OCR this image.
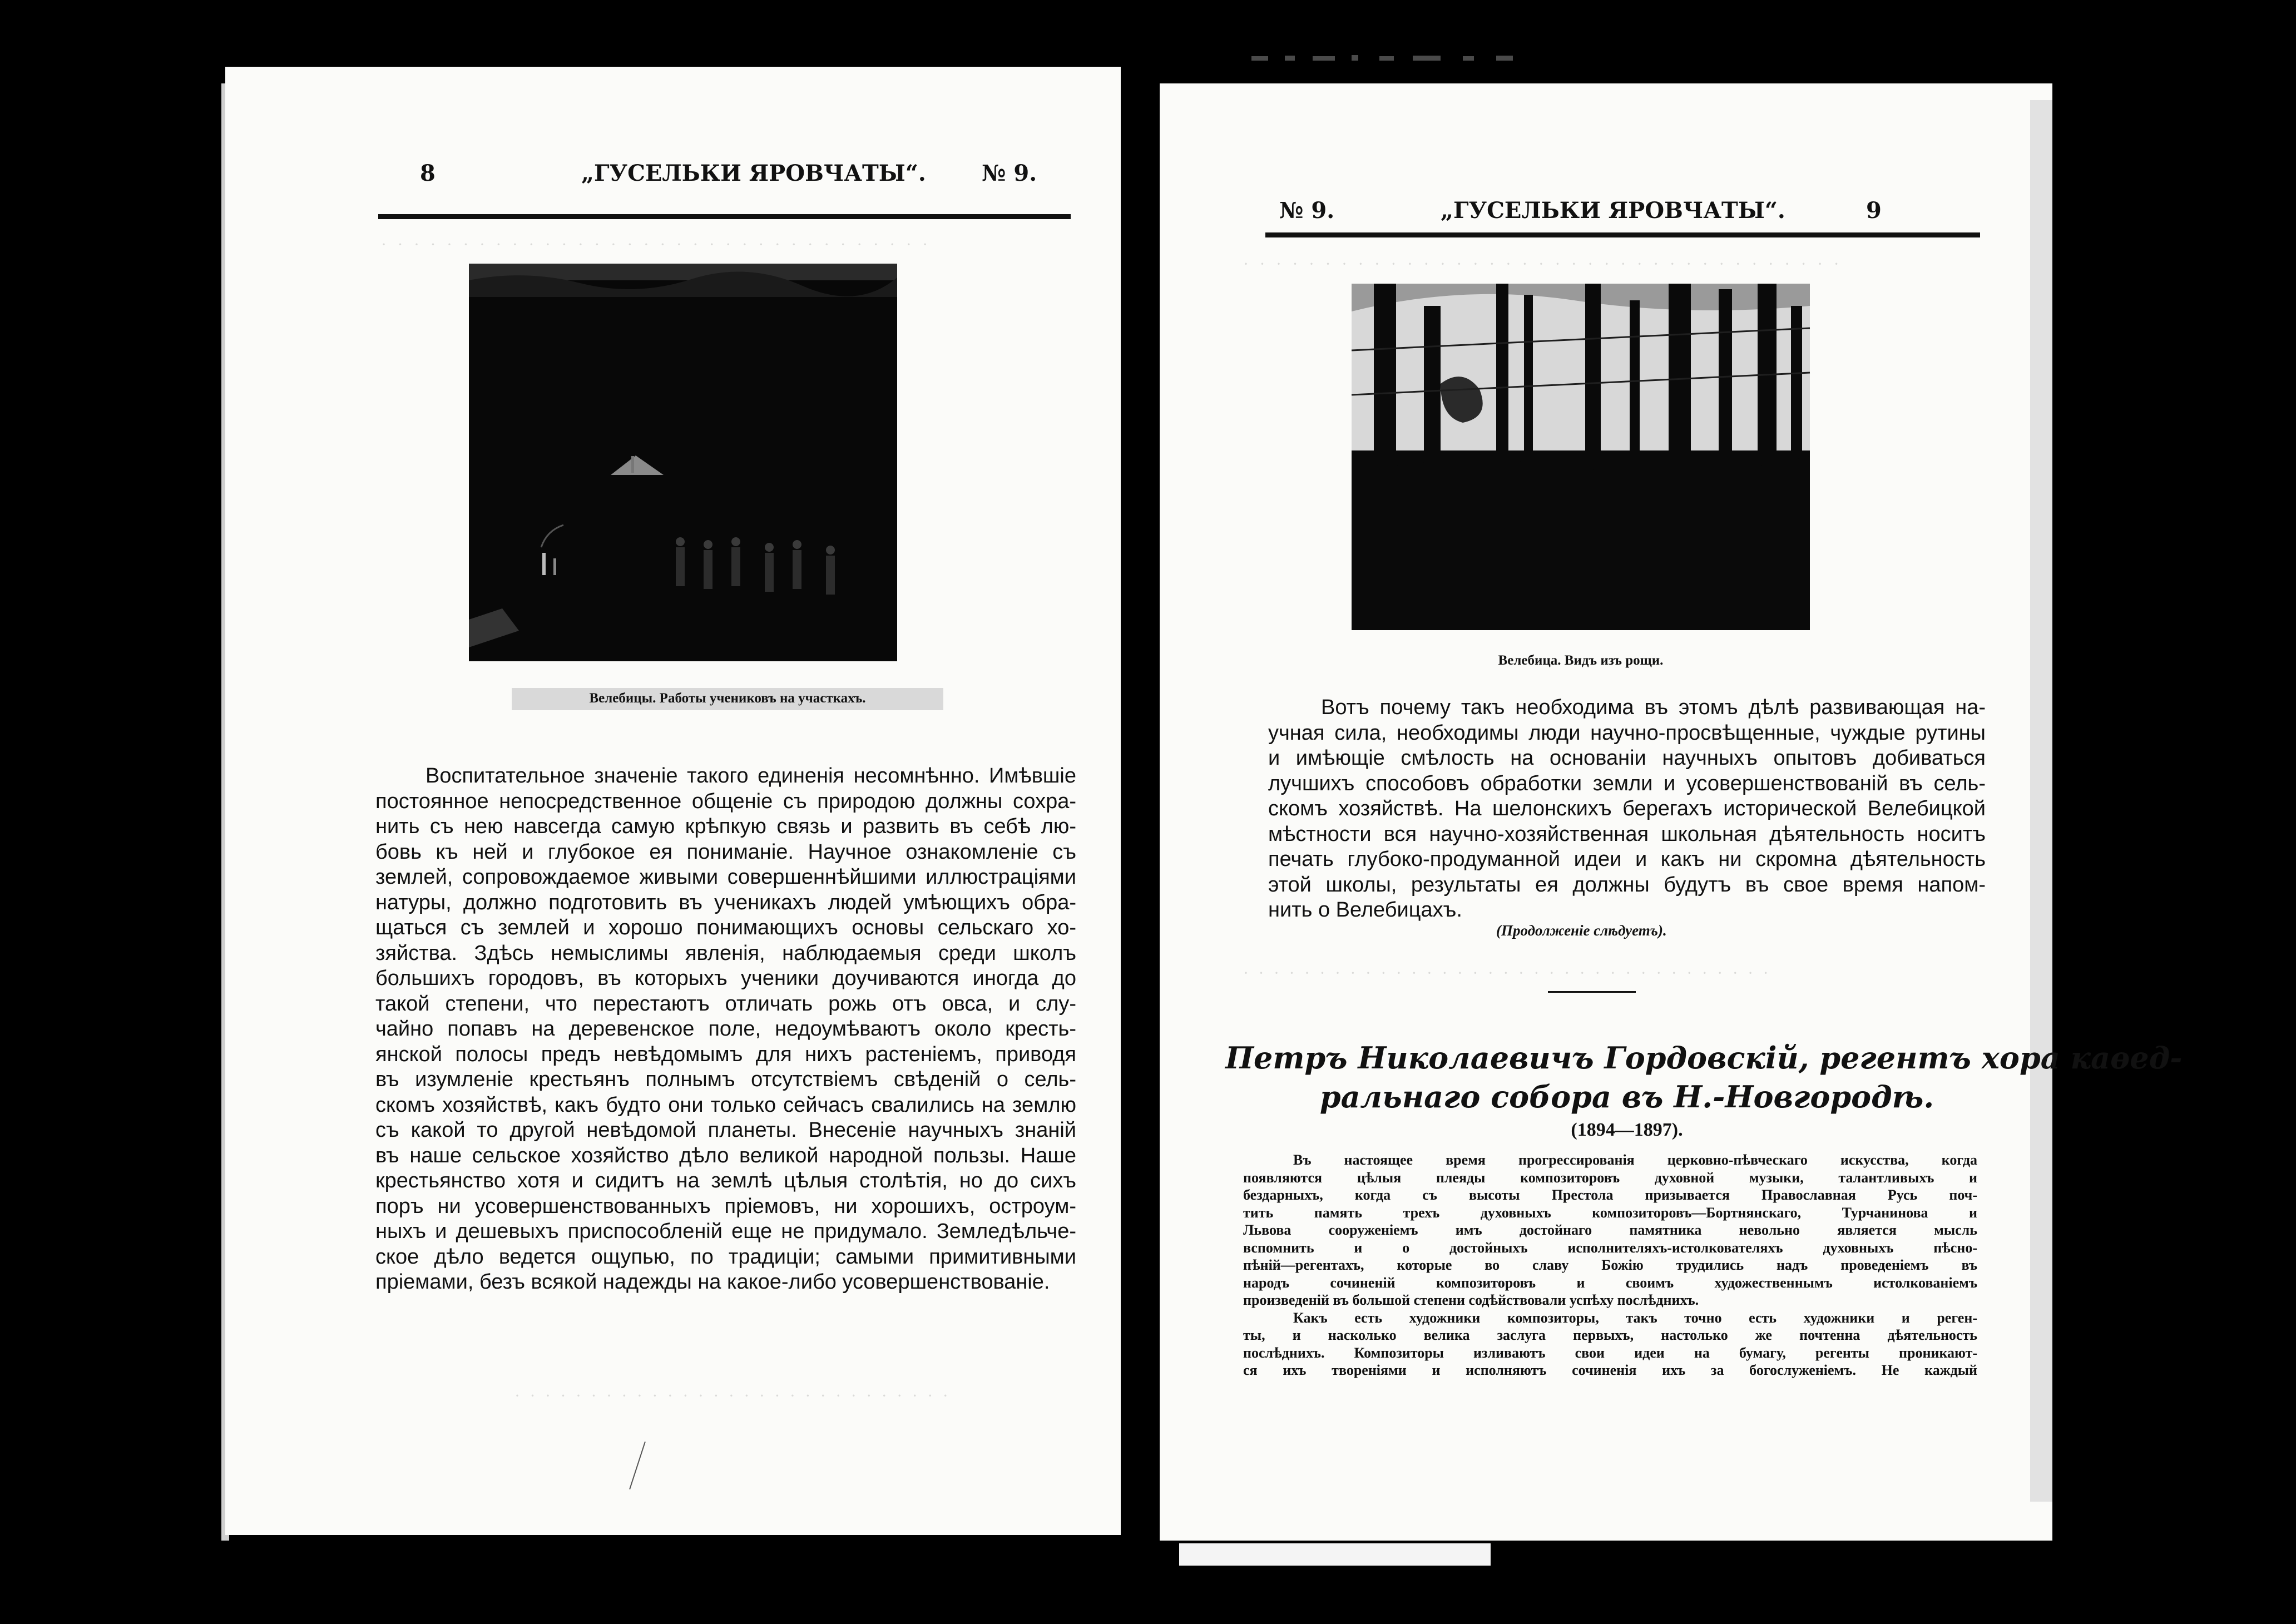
8	„ГУСЕЛЬКИ ЯРОВЧАТЫ“.	№ 9.
· · · · · · · · · · · · · · · · · · · · · · · · · · · · · · · · · ·
Велебицы. Работы учениковъ на участкахъ.
Воспитательное значенiе такого единенiя несомнѣнно. Имѣвшiе
постоянное непосредственное общенiе съ природою должны сохра-
нить съ нею навсегда самую крѣпкую связь и развить въ себѣ лю-
бовь къ ней и глубокое ея пониманiе. Научное ознакомленiе съ
землей, сопровождаемое живыми совершеннѣйшими иллюстрацiями
натуры, должно подготовить въ ученикахъ людей умѣющихъ обра-
щаться съ землей и хорошо понимающихъ основы сельскаго хо-
зяйства. Здѣсь немыслимы явленiя, наблюдаемыя среди школъ
большихъ городовъ, въ которыхъ ученики доучиваются иногда до
такой степени, что перестаютъ отличать рожь отъ овса, и слу-
чайно попавъ на деревенское поле, недоумѣваютъ около кресть-
янской полосы предъ невѣдомымъ для нихъ растенiемъ, приводя
въ изумленiе крестьянъ полнымъ отсутствiемъ свѣденiй о сель-
скомъ хозяйствѣ, какъ будто они только сейчасъ свалились на землю
съ какой то другой невѣдомой планеты. Внесенiе научныхъ знанiй
въ наше сельское хозяйство дѣло великой народной пользы. Наше
крестьянство хотя и сидитъ на землѣ цѣлыя столѣтiя, но до сихъ
поръ ни усовершенствованныхъ прiемовъ, ни хорошихъ, остроум-
ныхъ и дешевыхъ приспособленiй еще не придумало. Земледѣльче-
ское дѣло ведется ощупью, по традицiи; самыми примитивными
прiемами, безъ всякой надежды на какое-либо усовершенствованiе.
· · · · · · · · · · · · · · · · · · · · · · · · · · · · ·
№ 9.	„ГУСЕЛЬКИ ЯРОВЧАТЫ“.	9
· · · · · · · · · · · · · · · · · · · · · · · · · · · · · · · · · · · · ·
Велебица. Видъ изъ рощи.
Вотъ почему такъ необходима въ этомъ дѣлѣ развивающая на-
учная сила, необходимы люди научно-просвѣщенные, чуждые рутины
и имѣющiе смѣлость на основанiи научныхъ опытовъ добиваться
лучшихъ способовъ обработки земли и усовершенствованiй въ сель-
скомъ хозяйствѣ. На шелонскихъ берегахъ исторической Велебицкой
мѣстности вся научно-хозяйственная школьная дѣятельность носитъ
печать глубоко-продуманной идеи и какъ ни скромна дѣятельность
этой школы, результаты ея должны будутъ въ свое время напом-
нить о Велебицахъ.
(Продолженiе слѣдуетъ).
· · · · · · · · · · · · · · · · · · · · · · · · · · · · · · · · · · ·
Петръ Николаевичъ Гордовскiй, регентъ хора каѳед-
ральнаго собора въ Н.-Новгородѣ.
(1894—1897).
Въ настоящее время прогрессированiя церковно-пѣвческаго искусства, когда
появляются цѣлыя плеяды композиторовъ духовной музыки, талантливыхъ и
бездарныхъ, когда съ высоты Престола призывается Православная Русь поч-
тить память трехъ духовныхъ композиторовъ—Бортнянскаго, Турчанинова и
Львова сооруженiемъ имъ достойнаго памятника невольно является мысль
вспомнить и о достойныхъ исполнителяхъ-истолкователяхъ духовныхъ пѣсно-
пѣнiй—регентахъ, которые во славу Божiю трудились надъ проведенiемъ въ
народъ сочиненiй композиторовъ и своимъ художественнымъ истолкованiемъ
произведенiй въ большой степени содѣйствовали успѣху послѣднихъ.
Какъ есть художники композиторы, такъ точно есть художники и реген-
ты, и насколько велика заслуга первыхъ, настолько же почтенна дѣятельность
послѣднихъ. Композиторы изливаютъ свои идеи на бумагу, регенты проникают-
ся ихъ творенiями и исполняютъ сочиненiя ихъ за богослуженiемъ. Не каждый
